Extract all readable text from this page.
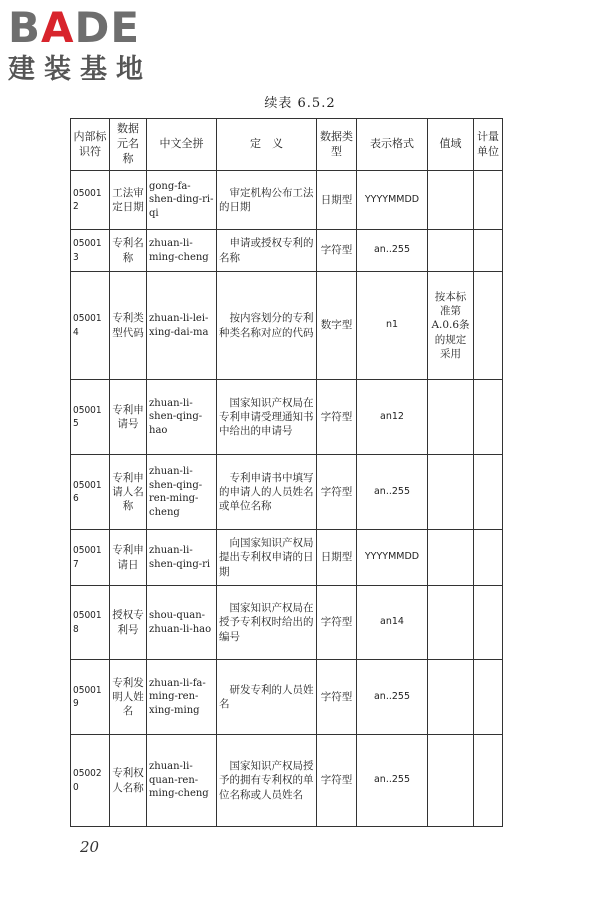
BADE
建装基地
续表 6.5.2
内部标识符	数据元名称	中文全拼	定　义	数据类型	表示格式	值域	计量单位
050012	工法审定日期	gong-fa-shen-ding-ri-qi	审定机构公布工法的日期	日期型	YYYYMMDD		
050013	专利名称	zhuan-li-ming-cheng	申请或授权专利的名称	字符型	an..255		
050014	专利类型代码	zhuan-li-lei-xing-dai-ma	按内容划分的专利种类名称对应的代码	数字型	n1	按本标准第A.0.6条的规定采用	
050015	专利申请号	zhuan-li-shen-qing-hao	国家知识产权局在专利申请受理通知书中给出的申请号	字符型	an12		
050016	专利申请人名称	zhuan-li-shen-qing-ren-ming-cheng	专利申请书中填写的申请人的人员姓名或单位名称	字符型	an..255		
050017	专利申请日	zhuan-li-shen-qing-ri	向国家知识产权局提出专利权申请的日期	日期型	YYYYMMDD		
050018	授权专利号	shou-quan-zhuan-li-hao	国家知识产权局在授予专利权时给出的编号	字符型	an14		
050019	专利发明人姓名	zhuan-li-fa-ming-ren-xing-ming	研发专利的人员姓名	字符型	an..255		
050020	专利权人名称	zhuan-li-quan-ren-ming-cheng	国家知识产权局授予的拥有专利权的单位名称或人员姓名	字符型	an..255		
20
